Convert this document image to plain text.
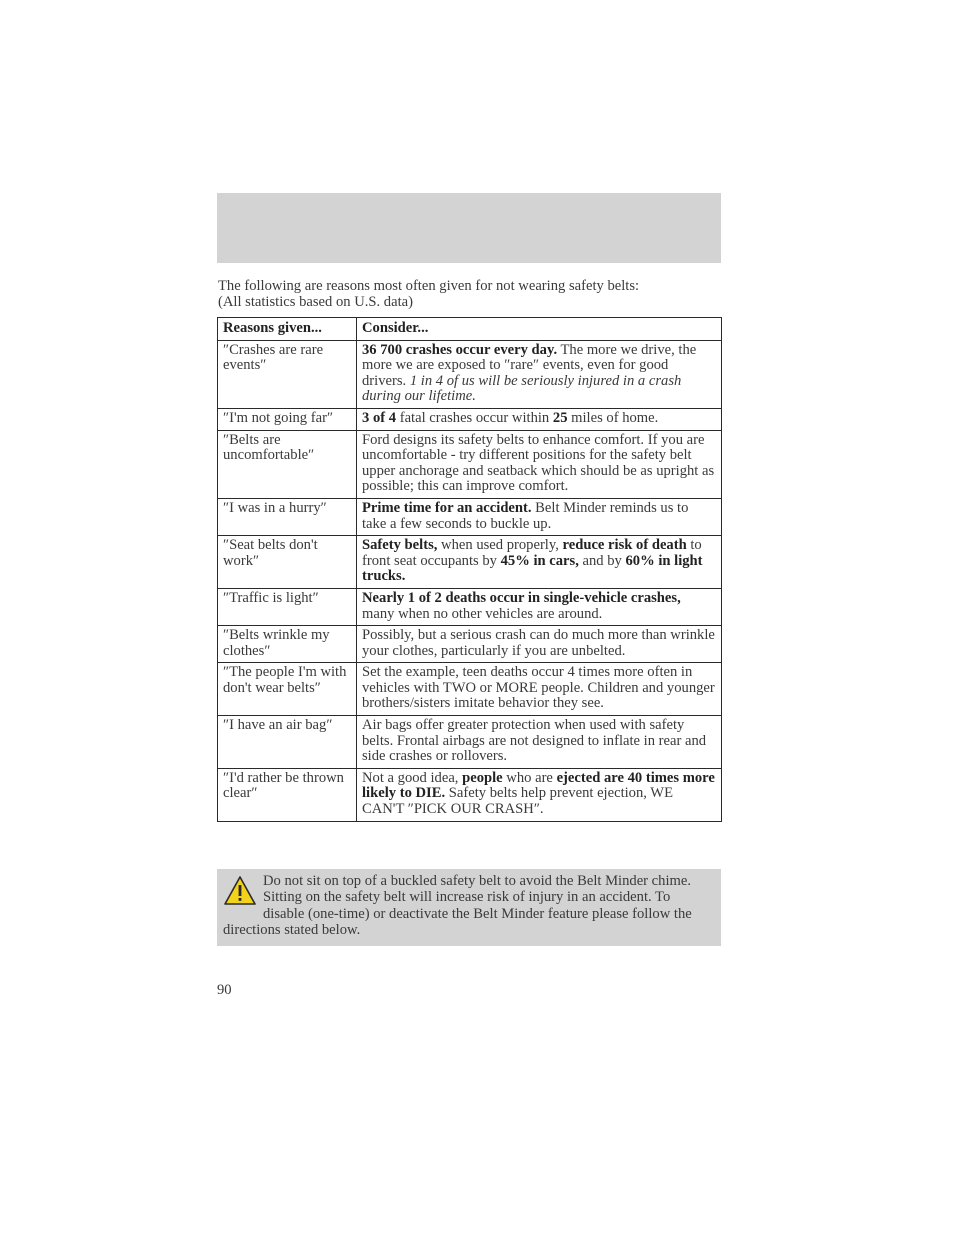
The following are reasons most often given for not wearing safety belts:
(All statistics based on U.S. data)
Reasons given...	Consider...
″Crashes are rare events″	36 700 crashes occur every day. The more we drive, the more we are exposed to ″rare″ events, even for good drivers. 1 in 4 of us will be seriously injured in a crash during our lifetime.
″I'm not going far″	3 of 4 fatal crashes occur within 25 miles of home.
″Belts are uncomfortable″	Ford designs its safety belts to enhance comfort. If you are uncomfortable - try different positions for the safety belt upper anchorage and seatback which should be as upright as possible; this can improve comfort.
″I was in a hurry″	Prime time for an accident. Belt Minder reminds us to take a few seconds to buckle up.
″Seat belts don't work″	Safety belts, when used properly, reduce risk of death to front seat occupants by 45% in cars, and by 60% in light trucks.
″Traffic is light″	Nearly 1 of 2 deaths occur in single-vehicle crashes, many when no other vehicles are around.
″Belts wrinkle my clothes″	Possibly, but a serious crash can do much more than wrinkle your clothes, particularly if you are unbelted.
″The people I'm with don't wear belts″	Set the example, teen deaths occur 4 times more often in vehicles with TWO or MORE people. Children and younger brothers/sisters imitate behavior they see.
″I have an air bag″	Air bags offer greater protection when used with safety belts. Frontal airbags are not designed to inflate in rear and side crashes or rollovers.
″I'd rather be thrown clear″	Not a good idea, people who are ejected are 40 times more likely to DIE. Safety belts help prevent ejection, WE CAN'T ″PICK OUR CRASH″.
Do not sit on top of a buckled safety belt to avoid the Belt Minder chime. Sitting on the safety belt will increase risk of injury in an accident. To disable (one-time) or deactivate the Belt Minder feature please follow the directions stated below.
90
